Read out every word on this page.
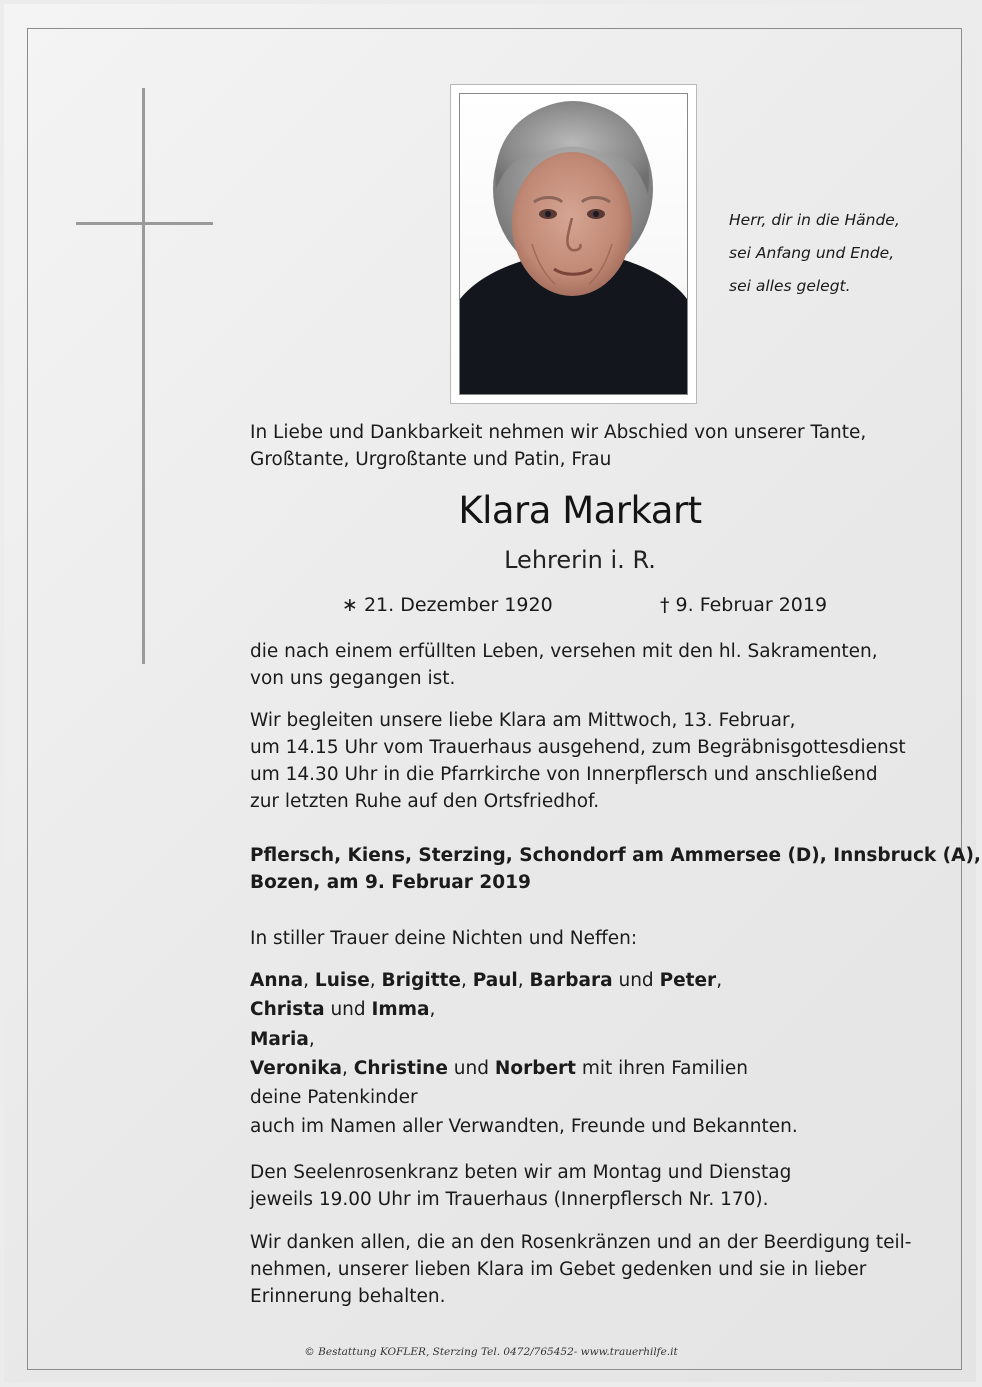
Herr, dir in die Hände,
sei Anfang und Ende,
sei alles gelegt.
In Liebe und Dankbarkeit nehmen wir Abschied von unserer Tante,
Großtante, Urgroßtante und Patin, Frau
Klara Markart
Lehrerin i. R.
∗ 21. Dezember 1920	† 9. Februar 2019
die nach einem erfüllten Leben, versehen mit den hl. Sakramenten,
von uns gegangen ist.
Wir begleiten unsere liebe Klara am Mittwoch, 13. Februar,
um 14.15 Uhr vom Trauerhaus ausgehend, zum Begräbnisgottesdienst
um 14.30 Uhr in die Pfarrkirche von Innerpflersch und anschließend
zur letzten Ruhe auf den Ortsfriedhof.
Pflersch, Kiens, Sterzing, Schondorf am Ammersee (D), Innsbruck (A),
Bozen, am 9. Februar 2019
In stiller Trauer deine Nichten und Neffen:
Anna, Luise, Brigitte, Paul, Barbara und Peter,
Christa und Imma,
Maria,
Veronika, Christine und Norbert mit ihren Familien
deine Patenkinder
auch im Namen aller Verwandten, Freunde und Bekannten.
Den Seelenrosenkranz beten wir am Montag und Dienstag
jeweils 19.00 Uhr im Trauerhaus (Innerpflersch Nr. 170).
Wir danken allen, die an den Rosenkränzen und an der Beerdigung teil-
nehmen, unserer lieben Klara im Gebet gedenken und sie in lieber
Erinnerung behalten.
© Bestattung KOFLER, Sterzing Tel. 0472/765452- www.trauerhilfe.it
